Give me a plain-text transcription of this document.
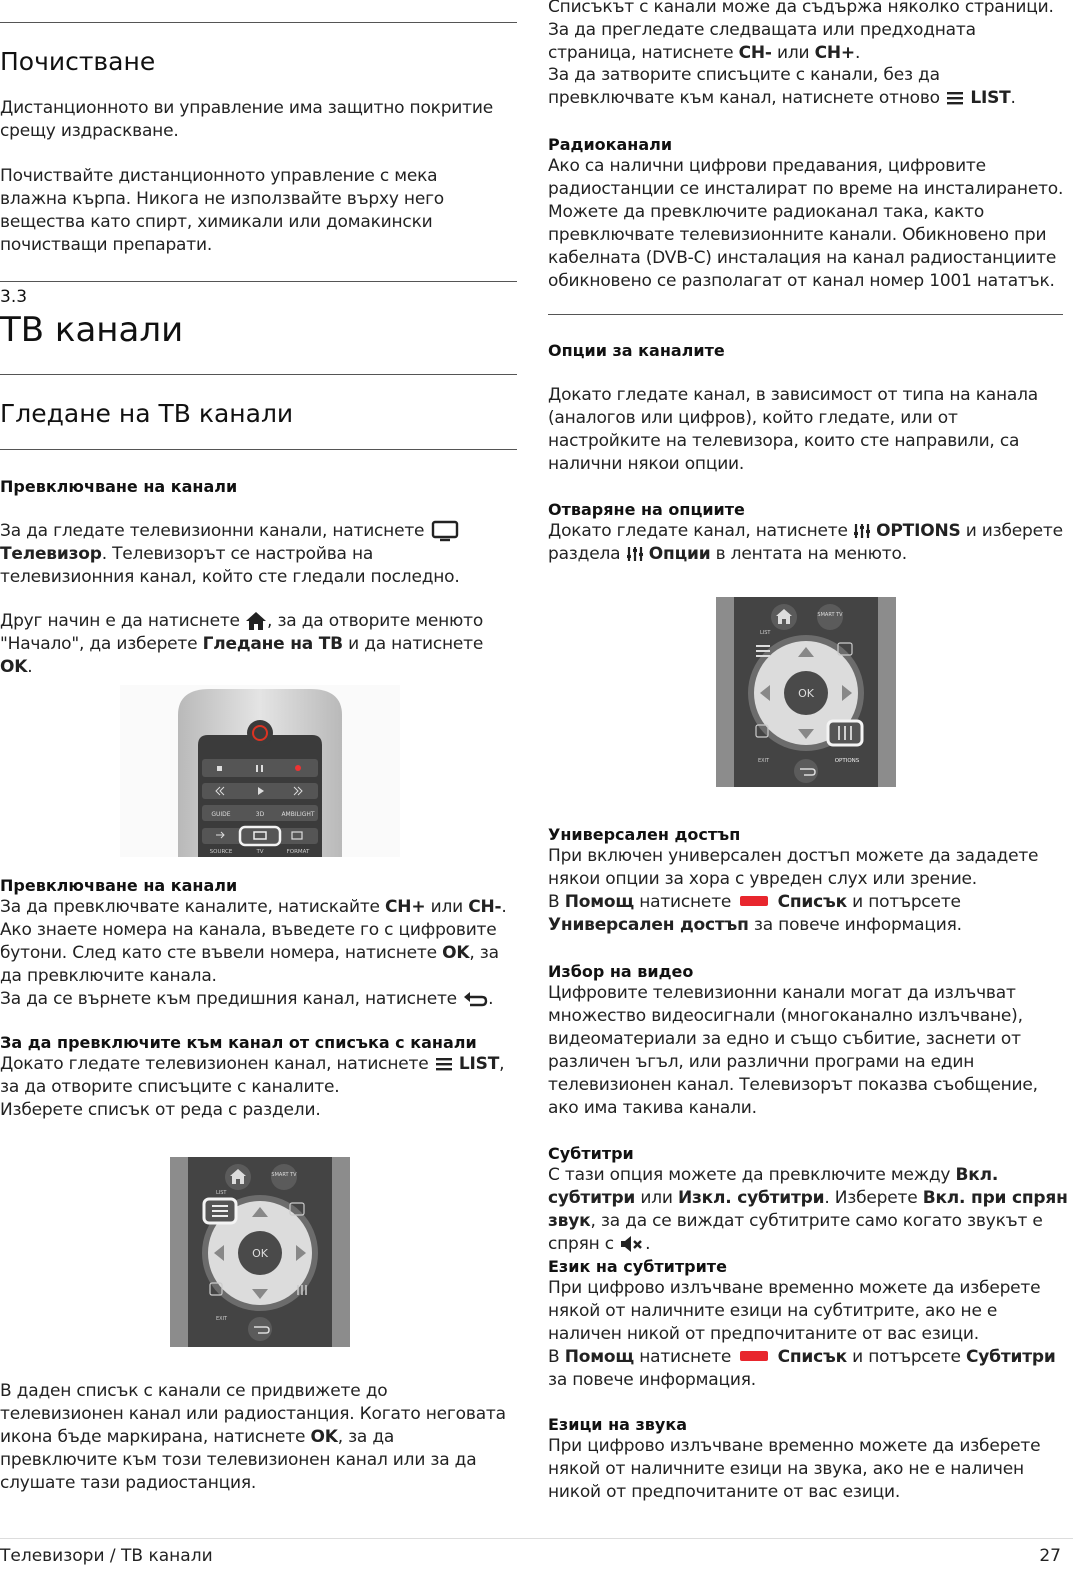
Почистване

Дистанционното ви управление има защитно покритие срещу издраскване.

Почиствайте дистанционното управление с мека влажна кърпа. Никога не използвайте върху него вещества като спирт, химикали или домакински почистващи препарати.

3.3
ТВ канали
Гледане на ТВ канали
Превключване на канали

За да гледате телевизионни канали, натиснете  Телевизор. Телевизорът се настройва на телевизионния канал, който сте гледали последно.

Друг начин е да натиснете , за да отворите менюто "Начало", да изберете Гледане на ТВ и да натиснете OK.

GUIDE	3D	AMBILIGHT
SOURCE	TV	FORMAT
Превключване на канали

За да превключвате каналите, натискайте CH+ или CH-.

Ако знаете номера на канала, въведете го с цифровите бутони. След като сте въвели номера, натиснете OK, за да превключите канала.

За да се върнете към предишния канал, натиснете .

За да превключите към канал от списъка с канали

Докато гледате телевизионен канал, натиснете LIST, за да отворите списъците с каналите.

Изберете списък от реда с раздели.

SMART TV
LIST
OK
EXIT

В даден списък с канали се придвижете до телевизионен канал или радиостанция. Когато неговата икона бъде маркирана, натиснете OK, за да превключите към този телевизионен канал или за да слушате тази радиостанция.

Списъкът с канали може да съдържа няколко страници. За да прегледате следващата или предходната страница, натиснете CH- или CH+.

За да затворите списъците с канали, без да превключвате към канал, натиснете отново LIST.

Радиоканали

Ако са налични цифрови предавания, цифровите радиостанции се инсталират по време на инсталирането. Можете да превключите радиоканал така, както превключвате телевизионните канали. Обикновено при кабелната (DVB-C) инсталация на канал радиостанциите обикновено се разполагат от канал номер 1001 нататък.

Опции за каналите

Докато гледате канал, в зависимост от типа на канала (аналогов или цифров), който гледате, или от настройките на телевизора, които сте направили, са налични някои опции.

Отваряне на опциите

Докато гледате канал, натиснете OPTIONS и изберете раздела Опции в лентата на менюто.

SMART TV
LIST
OK
OPTIONS
EXIT
Универсален достъп

При включен универсален достъп можете да зададете някои опции за хора с увреден слух или зрение.

В Помощ натиснете	Списък и потърсете Универсален достъп за повече информация.

Избор на видео

Цифровите телевизионни канали могат да излъчват множество видеосигнали (многоканално излъчване), видеоматериали за едно и също събитие, заснети от различен ъгъл, или различни програми на един телевизионен канал. Телевизорът показва съобщение, ако има такива канали.

Субтитри

С тази опция можете да превключите между Вкл. субтитри или Изкл. субтитри. Изберете Вкл. при спрян звук, за да се виждат субтитрите само когато звукът е спрян с .

Език на субтитрите

При цифрово излъчване временно можете да изберете някой от наличните езици на субтитрите, ако не е наличен никой от предпочитаните от вас езици.

В Помощ натиснете	Списък и потърсете Субтитри за повече информация.

Езици на звука

При цифрово излъчване временно можете да изберете някой от наличните езици на звука, ако не е наличен никой от предпочитаните от вас езици.

Телевизори / ТВ канали	27
